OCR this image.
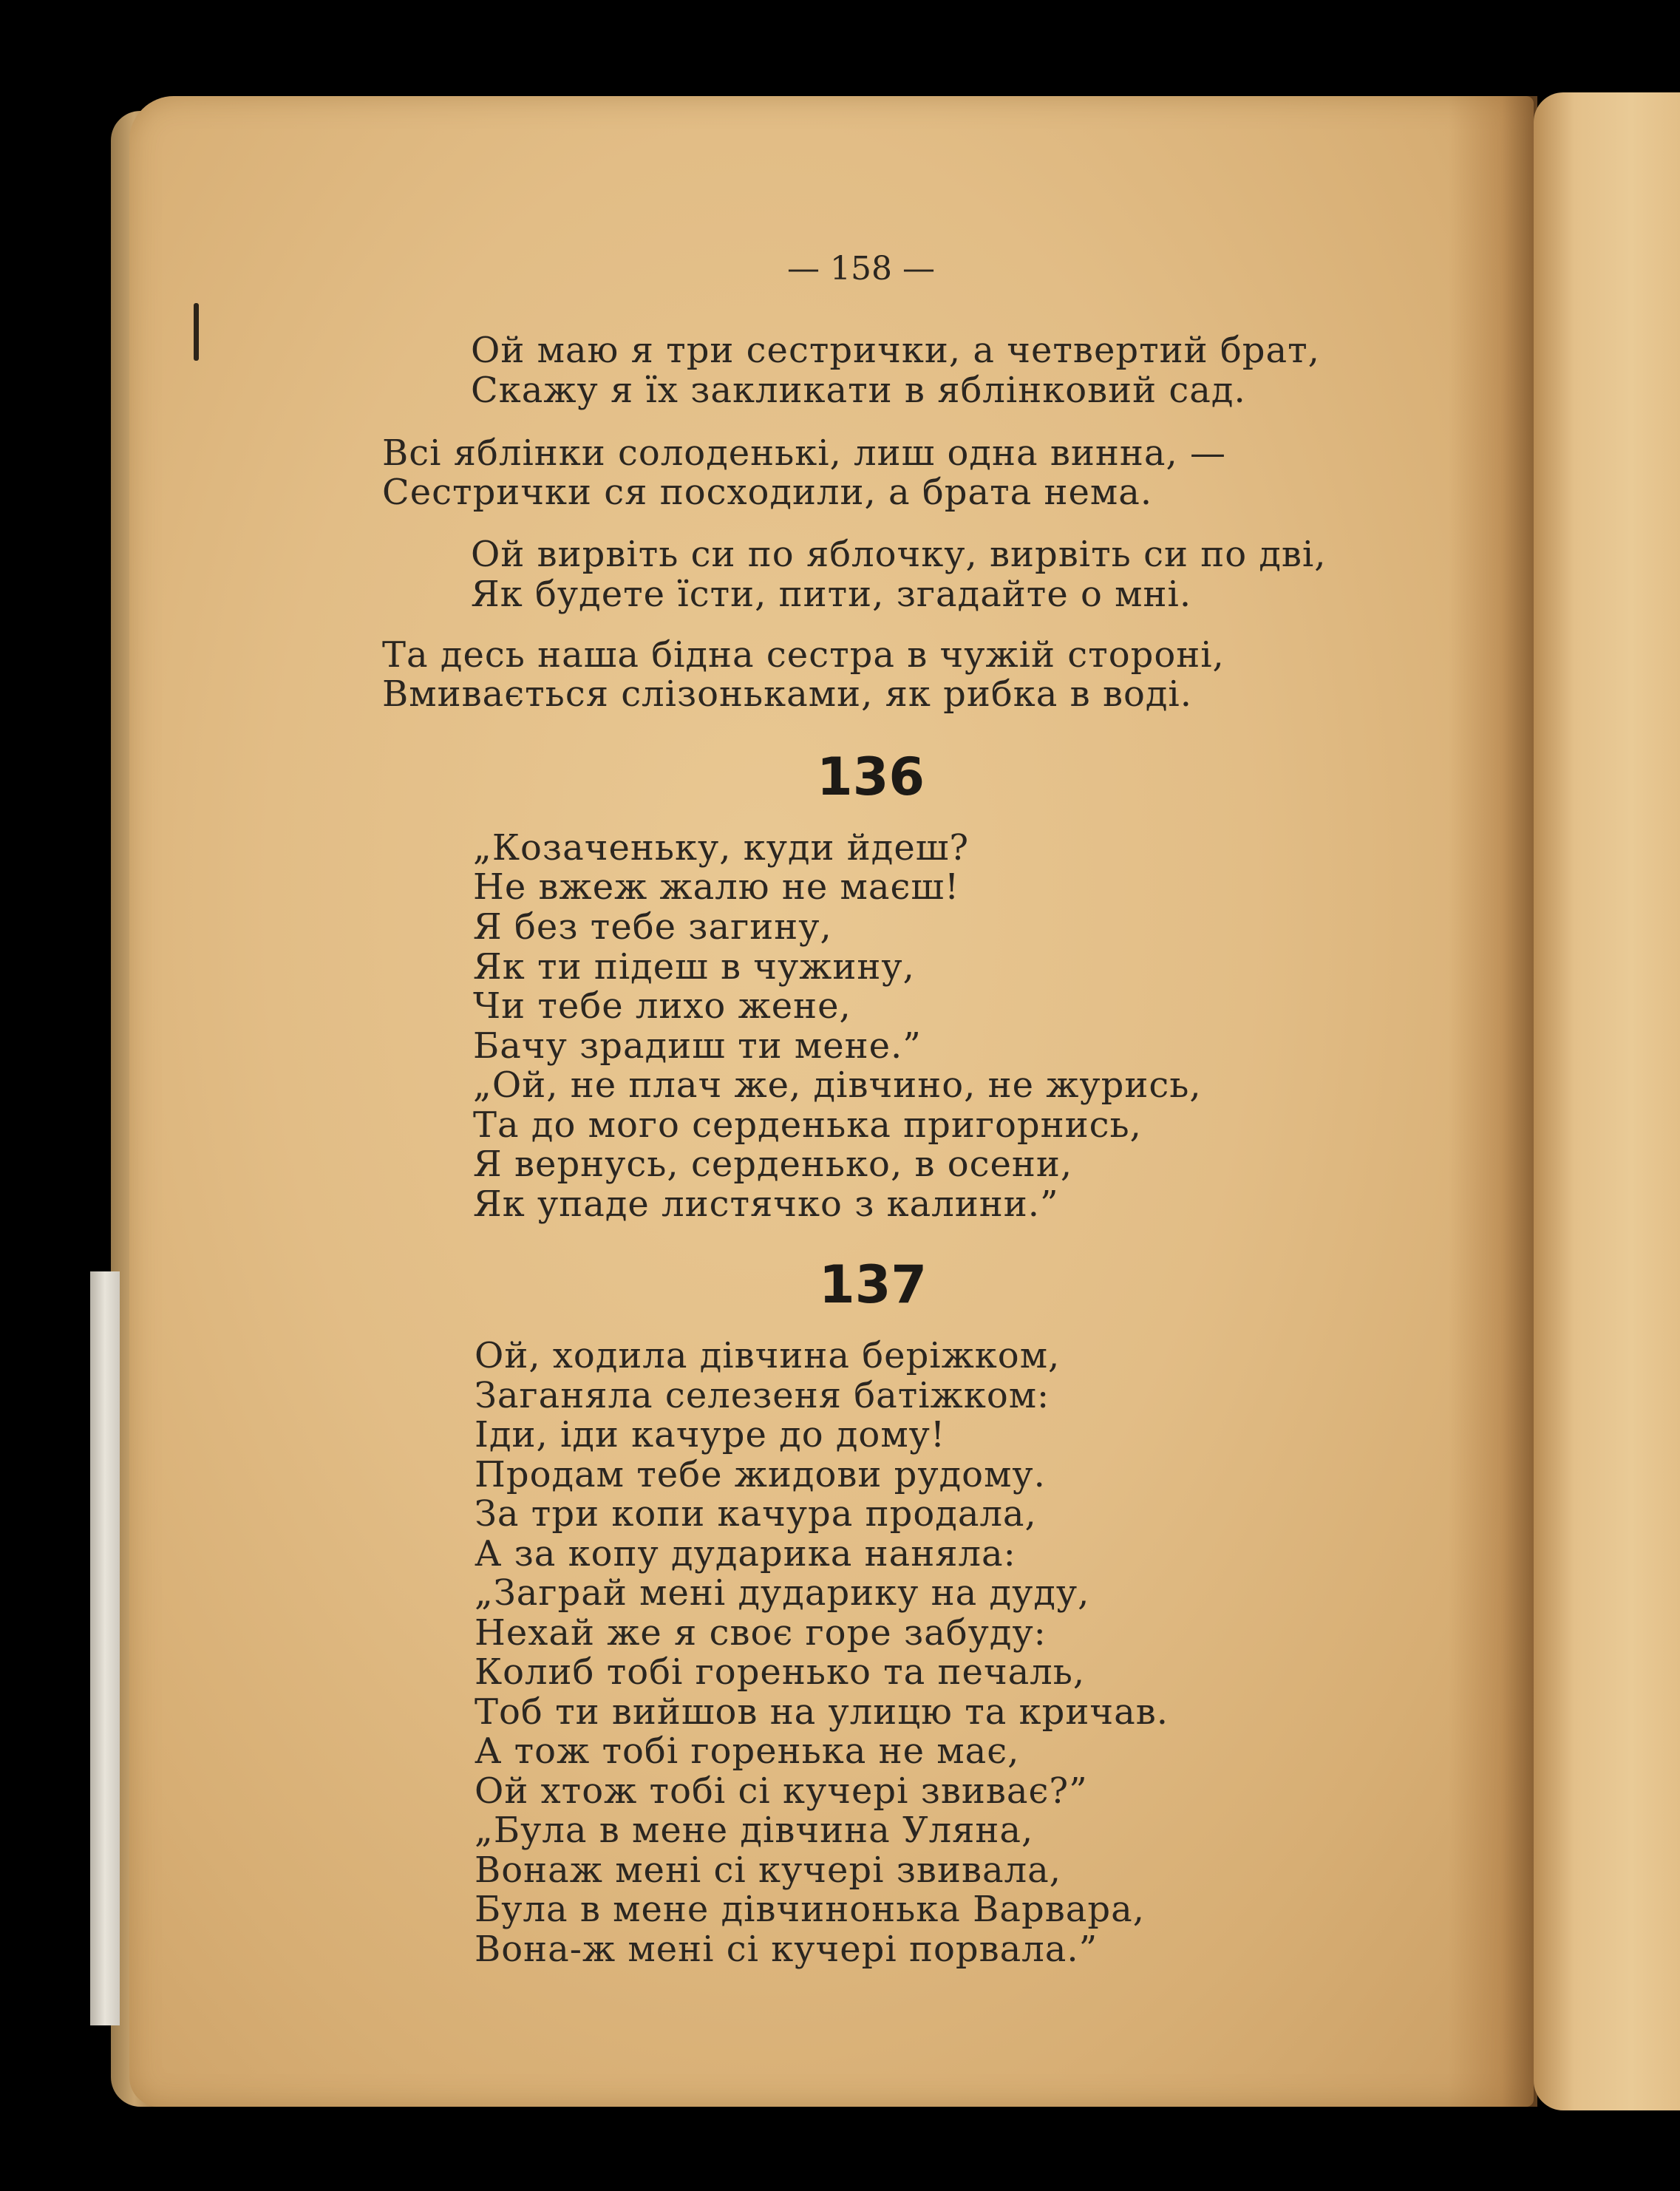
— 158 —
Ой маю я три сестрички, а четвертий брат,
Скажу я їх закликати в яблінковий сад.
Всі яблінки солоденькі, лиш одна винна, —
Сестрички ся посходили, а брата нема.
Ой вирвіть си по яблочку, вирвіть си по дві,
Як будете їсти, пити, згадайте о мні.
Та десь наша бідна сестра в чужій стороні,
Вмивається слізоньками, як рибка в воді.
136
„Козаченьку, куди йдеш?
Не вжеж жалю не маєш!
Я без тебе загину,
Як ти підеш в чужину,
Чи тебе лихо жене,
Бачу зрадиш ти мене.”
„Ой, не плач же, дівчино, не журись,
Та до мого серденька пригорнись,
Я вернусь, серденько, в осени,
Як упаде листячко з калини.”
137
Ой, ходила дівчина беріжком,
Заганяла селезеня батіжком:
Іди, іди качуре до дому!
Продам тебе жидови рудому.
За три копи качура продала,
А за копу дударика наняла:
„Заграй мені дударику на дуду,
Нехай же я своє горе забуду:
Колиб тобі горенько та печаль,
Тоб ти вийшов на улицю та кричав.
А тож тобі горенька не має,
Ой хтож тобі сі кучері звиває?”
„Була в мене дівчина Уляна,
Вонаж мені сі кучері звивала,
Була в мене дівчинонька Варвара,
Вона-ж мені сі кучері порвала.”
